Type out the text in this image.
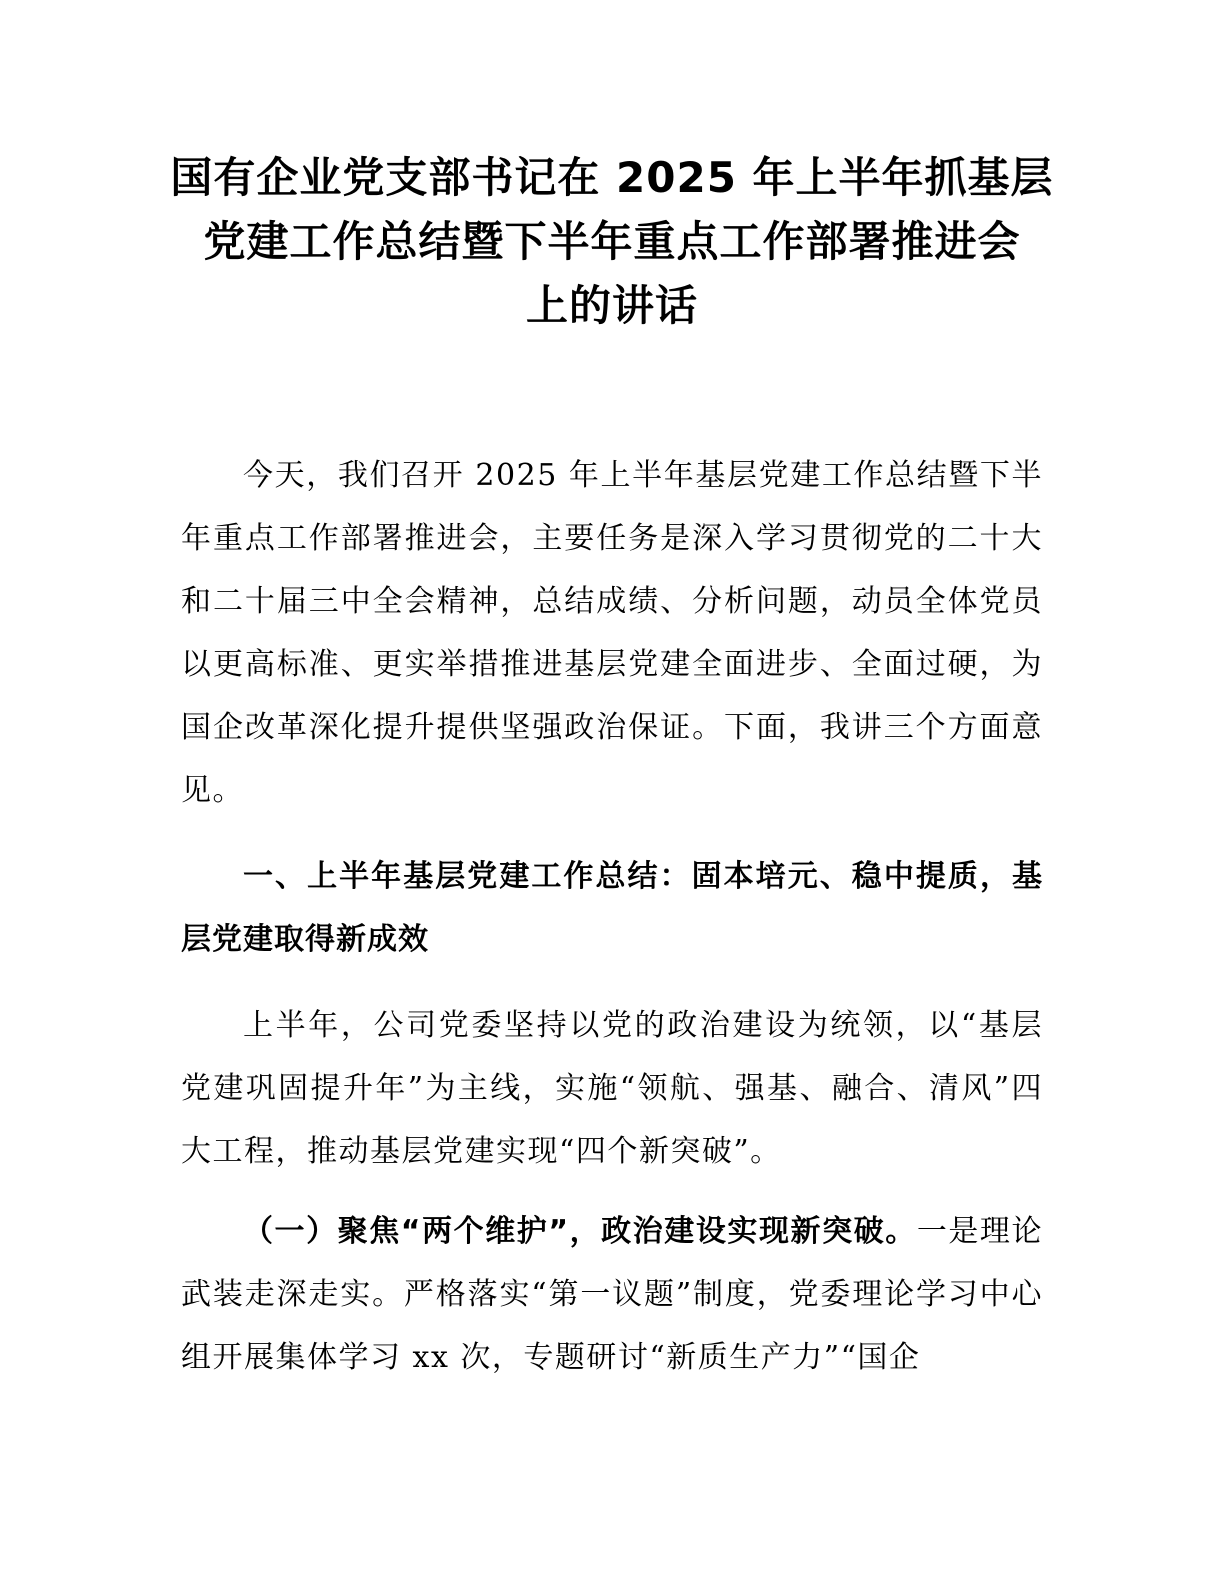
国有企业党支部书记在 2025 年上半年抓基层
党建工作总结暨下半年重点工作部署推进会
上的讲话

今天，我们召开 2025 年上半年基层党建工作总结暨下半年重点工作部署推进会，主要任务是深入学习贯彻党的二十大和二十届三中全会精神，总结成绩、分析问题，动员全体党员以更高标准、更实举措推进基层党建全面进步、全面过硬，为国企改革深化提升提供坚强政治保证。下面，我讲三个方面意见。

一、上半年基层党建工作总结：固本培元、稳中提质，基层党建取得新成效

上半年，公司党委坚持以党的政治建设为统领，以“基层党建巩固提升年”为主线，实施“领航、强基、融合、清风”四大工程，推动基层党建实现“四个新突破”。

（一）聚焦“两个维护”，政治建设实现新突破。一是理论武装走深走实。严格落实“第一议题”制度，党委理论学习中心组开展集体学习 xx 次，专题研讨“新质生产力”“国企
